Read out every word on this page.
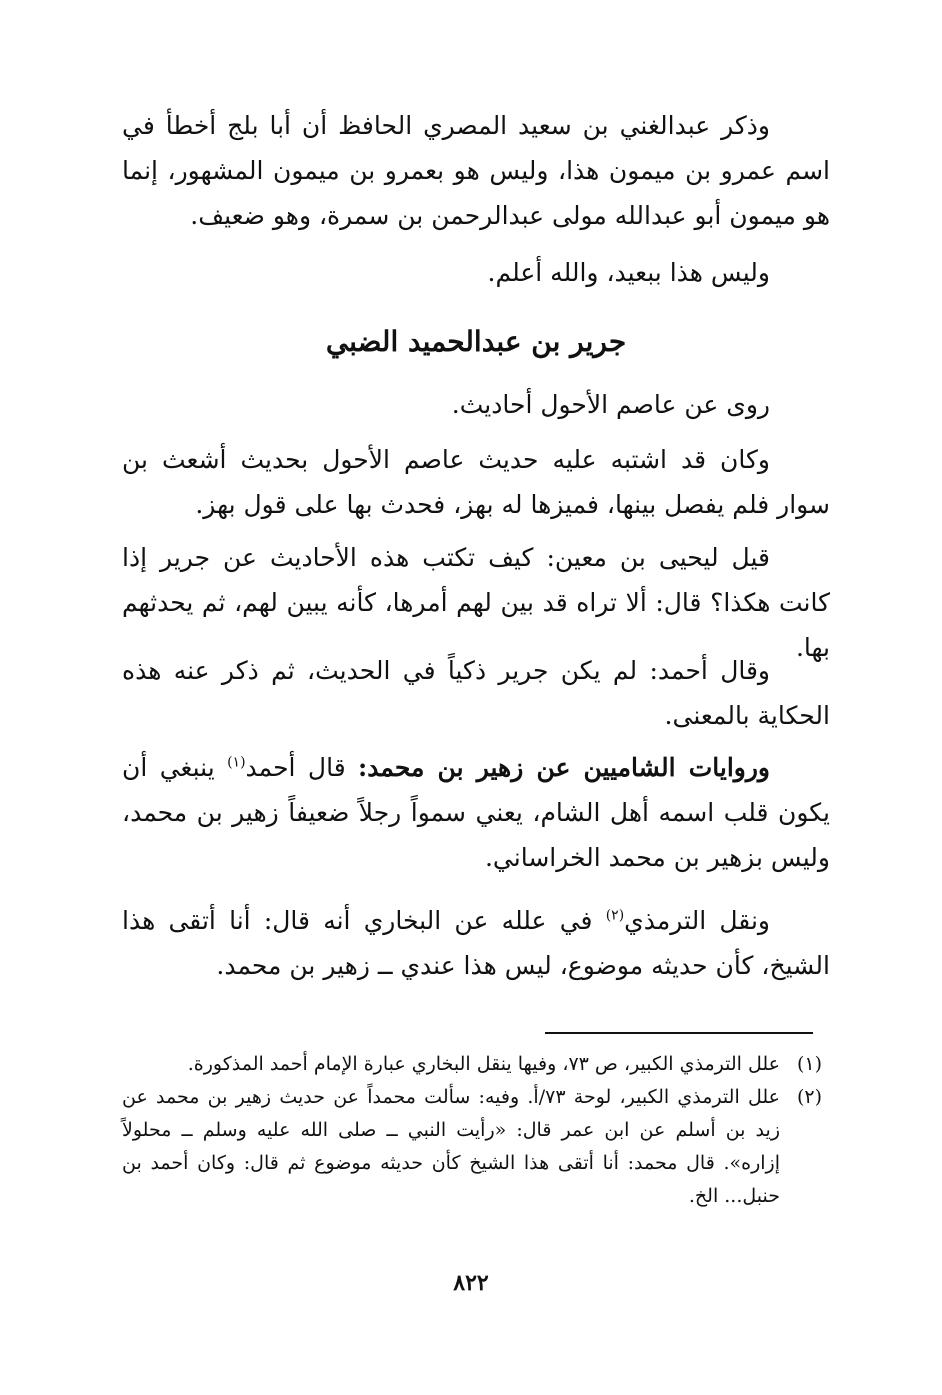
وذكر عبدالغني بن سعيد المصري الحافظ أن أبا بلج أخطأ في اسم عمرو بن ميمون هذا، وليس هو بعمرو بن ميمون المشهور، إنما هو ميمون أبو عبدالله مولى عبدالرحمن بن سمرة، وهو ضعيف.

وليس هذا ببعيد، والله أعلم.

جرير بن عبدالحميد الضبي

روى عن عاصم الأحول أحاديث.

وكان قد اشتبه عليه حديث عاصم الأحول بحديث أشعث بن سوار فلم يفصل بينها، فميزها له بهز، فحدث بها على قول بهز.

قيل ليحيى بن معين: كيف تكتب هذه الأحاديث عن جرير إذا كانت هكذا؟ قال: ألا تراه قد بين لهم أمرها، كأنه يبين لهم، ثم يحدثهم بها.

وقال أحمد: لم يكن جرير ذكياً في الحديث، ثم ذكر عنه هذه الحكاية بالمعنى.

وروايات الشاميين عن زهير بن محمد: قال أحمد$^{(١)}$ ينبغي أن يكون قلب اسمه أهل الشام، يعني سمواً رجلاً ضعيفاً زهير بن محمد، وليس بزهير بن محمد الخراساني.

ونقل الترمذي$^{(٢)}$ في علله عن البخاري أنه قال: أنا أتقى هذا الشيخ، كأن حديثه موضوع، ليس هذا عندي ــ زهير بن محمد.

(١)
علل الترمذي الكبير، ص ٧٣، وفيها ينقل البخاري عبارة الإمام أحمد المذكورة.
(٢)
علل الترمذي الكبير، لوحة ٧٣/أ. وفيه: سألت محمداً عن حديث زهير بن محمد عن زيد بن أسلم عن ابن عمر قال: «رأيت النبي ــ صلى الله عليه وسلم ــ محلولاً إزاره». قال محمد: أنا أتقى هذا الشيخ كأن حديثه موضوع ثم قال: وكان أحمد بن حنبل... الخ.
٨٢٢
